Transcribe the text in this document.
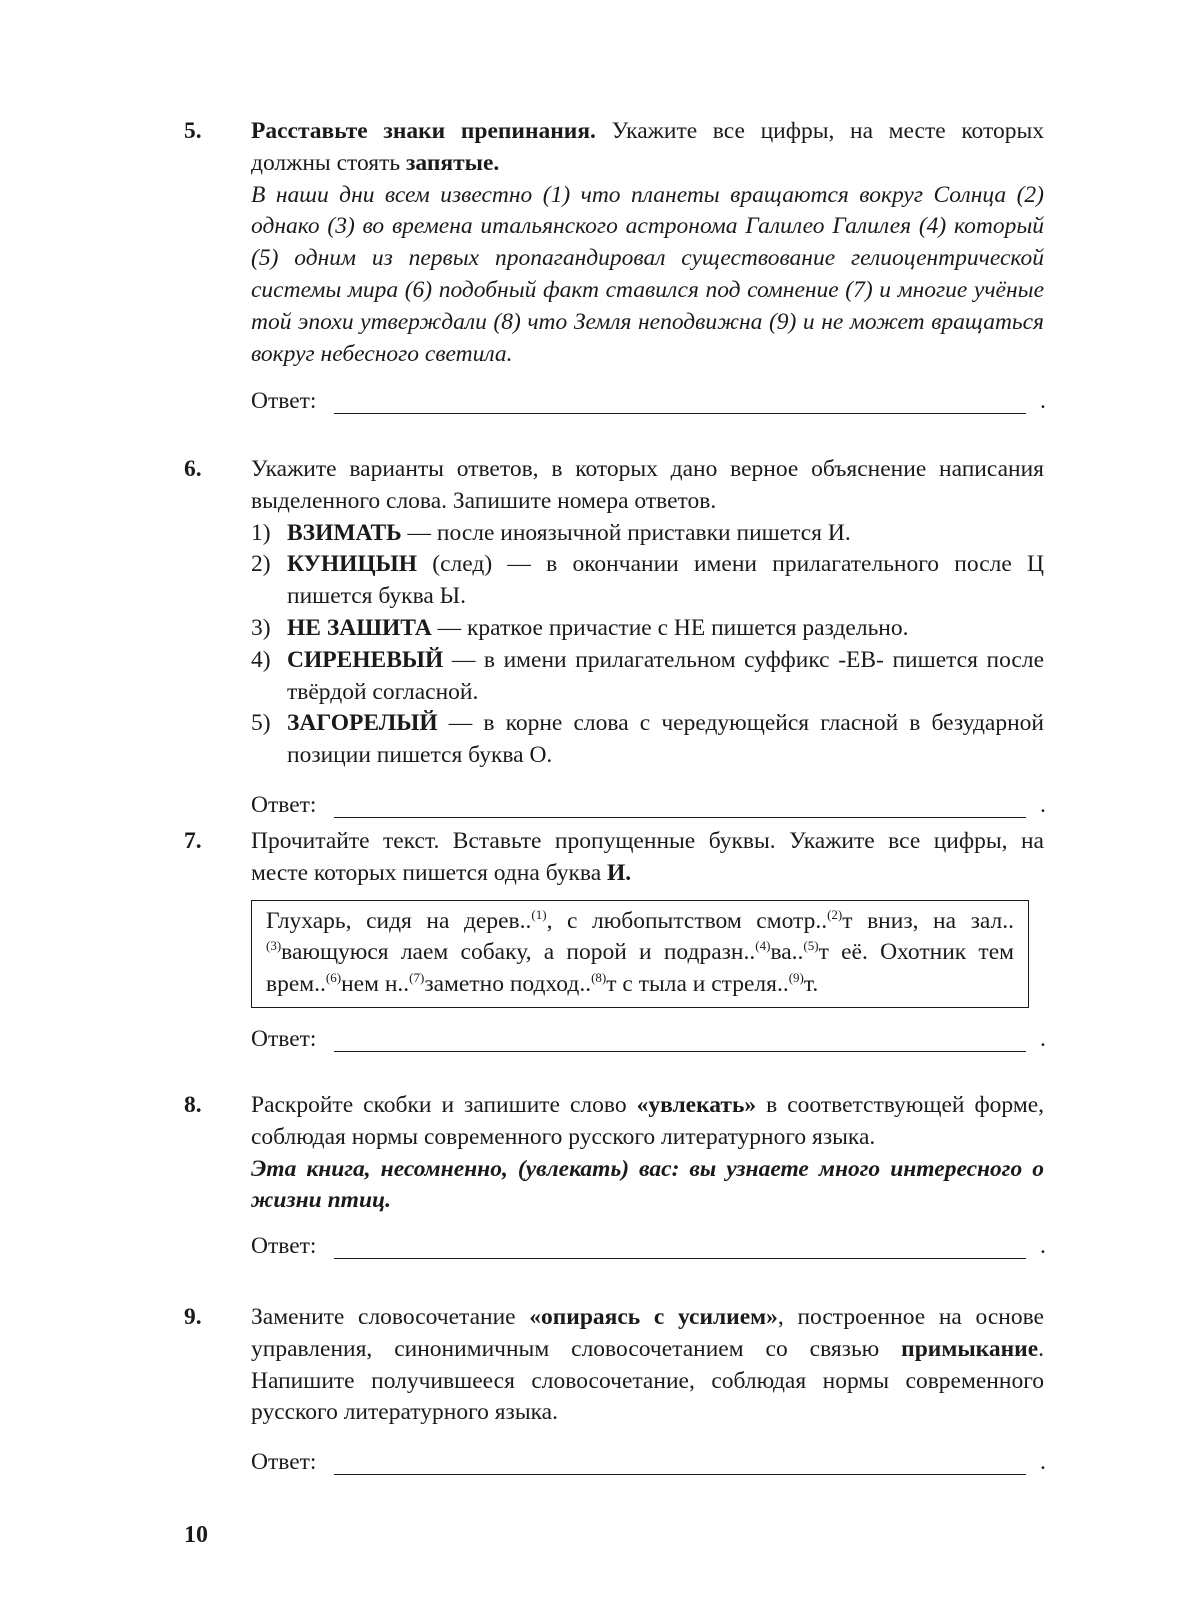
5. Расставьте знаки препинания. Укажите все цифры, на месте которых должны стоять запятые.

В наши дни всем известно (1) что планеты вращаются вокруг Солнца (2) однако (3) во времена итальянского астронома Галилео Галилея (4) который (5) одним из первых пропагандировал существование гелиоцентрической системы мира (6) подобный факт ставился под сомнение (7) и многие учёные той эпохи утверждали (8) что Земля неподвижна (9) и не может вращаться вокруг небесного светила.

Ответ:	.
6. Укажите варианты ответов, в которых дано верное объяснение написания выделенного слова. Запишите номера ответов.

1) ВЗИМАТЬ — после иноязычной приставки пишется И.
2) КУНИЦЫН (след) — в окончании имени прилагательного после Ц пишется буква Ы.
3) НЕ ЗАШИТА — краткое причастие с НЕ пишется раздельно.
4) СИРЕНЕВЫЙ — в имени прилагательном суффикс -ЕВ- пишется после твёрдой согласной.
5) ЗАГОРЕЛЫЙ — в корне слова с чередующейся гласной в безударной позиции пишется буква О.
Ответ:	.
7. Прочитайте текст. Вставьте пропущенные буквы. Укажите все цифры, на месте которых пишется одна буква И.

Глухарь, сидя на дерев..$^{(1)}$, с любопытством смотр..$^{(2)}$т вниз, на зал..$^{(3)}$вающуюся лаем собаку, а порой и подразн..$^{(4)}$ва..$^{(5)}$т её. Охотник тем врем..$^{(6)}$нем н..$^{(7)}$заметно подход..$^{(8)}$т с тыла и стреля..$^{(9)}$т.
Ответ:	.
8. Раскройте скобки и запишите слово «увлекать» в соответствующей форме, соблюдая нормы современного русского литературного языка.

Эта книга, несомненно, (увлекать) вас: вы узнаете много интересного о жизни птиц.

Ответ:	.
9. Замените словосочетание «опираясь с усилием», построенное на основе управления, синонимичным словосочетанием со связью примыкание. Напишите получившееся словосочетание, соблюдая нормы современного русского литературного языка.

Ответ:	.
10
